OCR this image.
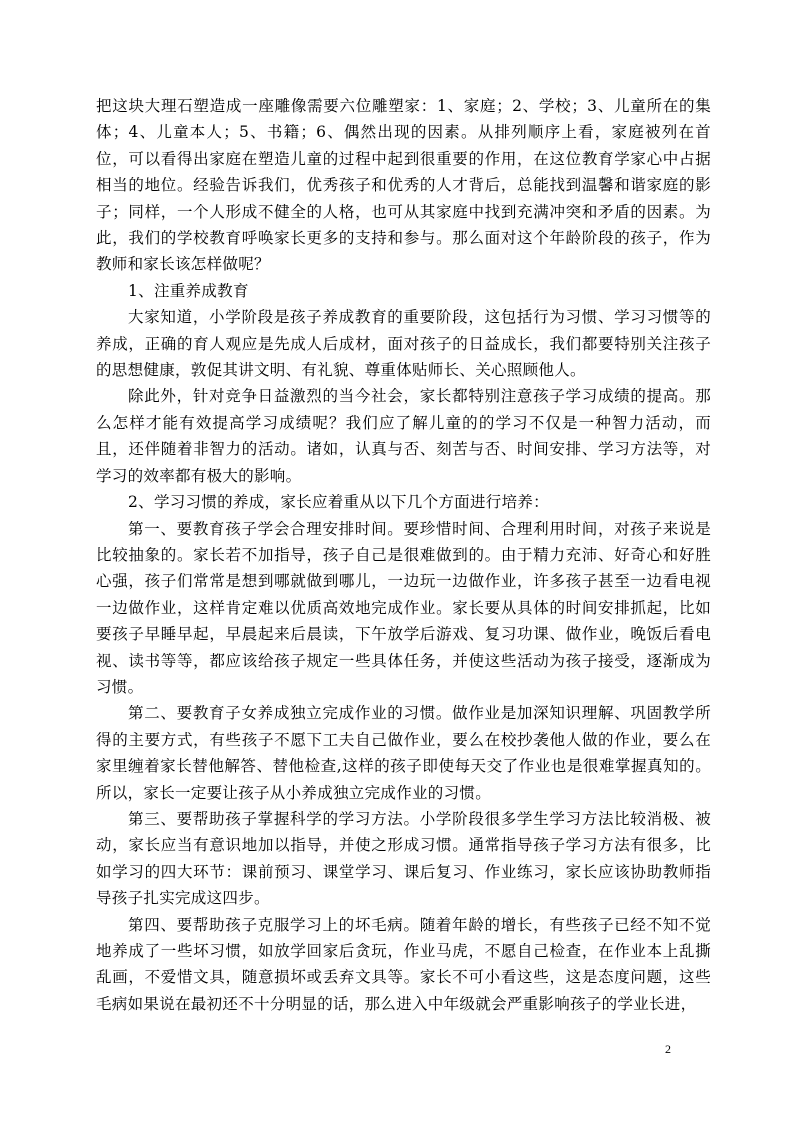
把这块大理石塑造成一座雕像需要六位雕塑家：1、家庭；2、学校；3、儿童所在的集体；4、儿童本人；5、书籍；6、偶然出现的因素。从排列顺序上看，家庭被列在首位，可以看得出家庭在塑造儿童的过程中起到很重要的作用，在这位教育学家心中占据相当的地位。经验告诉我们，优秀孩子和优秀的人才背后，总能找到温馨和谐家庭的影子；同样，一个人形成不健全的人格，也可从其家庭中找到充满冲突和矛盾的因素。为此，我们的学校教育呼唤家长更多的支持和参与。那么面对这个年龄阶段的孩子，作为教师和家长该怎样做呢？

1、注重养成教育

大家知道，小学阶段是孩子养成教育的重要阶段，这包括行为习惯、学习习惯等的养成，正确的育人观应是先成人后成材，面对孩子的日益成长，我们都要特别关注孩子的思想健康，敦促其讲文明、有礼貌、尊重体贴师长、关心照顾他人。

除此外，针对竞争日益激烈的当今社会，家长都特别注意孩子学习成绩的提高。那么怎样才能有效提高学习成绩呢？我们应了解儿童的的学习不仅是一种智力活动，而且，还伴随着非智力的活动。诸如，认真与否、刻苦与否、时间安排、学习方法等，对学习的效率都有极大的影响。

2、学习习惯的养成，家长应着重从以下几个方面进行培养：

第一、要教育孩子学会合理安排时间。要珍惜时间、合理利用时间，对孩子来说是比较抽象的。家长若不加指导，孩子自己是很难做到的。由于精力充沛、好奇心和好胜心强，孩子们常常是想到哪就做到哪儿，一边玩一边做作业，许多孩子甚至一边看电视一边做作业，这样肯定难以优质高效地完成作业。家长要从具体的时间安排抓起，比如要孩子早睡早起，早晨起来后晨读，下午放学后游戏、复习功课、做作业，晚饭后看电视、读书等等，都应该给孩子规定一些具体任务，并使这些活动为孩子接受，逐渐成为习惯。

第二、要教育子女养成独立完成作业的习惯。做作业是加深知识理解、巩固教学所得的主要方式，有些孩子不愿下工夫自己做作业，要么在校抄袭他人做的作业，要么在家里缠着家长替他解答、替他检查,这样的孩子即使每天交了作业也是很难掌握真知的。所以，家长一定要让孩子从小养成独立完成作业的习惯。

第三、要帮助孩子掌握科学的学习方法。小学阶段很多学生学习方法比较消极、被动，家长应当有意识地加以指导，并使之形成习惯。通常指导孩子学习方法有很多，比如学习的四大环节：课前预习、课堂学习、课后复习、作业练习，家长应该协助教师指导孩子扎实完成这四步。

第四、要帮助孩子克服学习上的坏毛病。随着年龄的增长，有些孩子已经不知不觉地养成了一些坏习惯，如放学回家后贪玩，作业马虎，不愿自己检查，在作业本上乱撕乱画，不爱惜文具，随意损坏或丢弃文具等。家长不可小看这些，这是态度问题，这些毛病如果说在最初还不十分明显的话，那么进入中年级就会严重影响孩子的学业长进，

2
